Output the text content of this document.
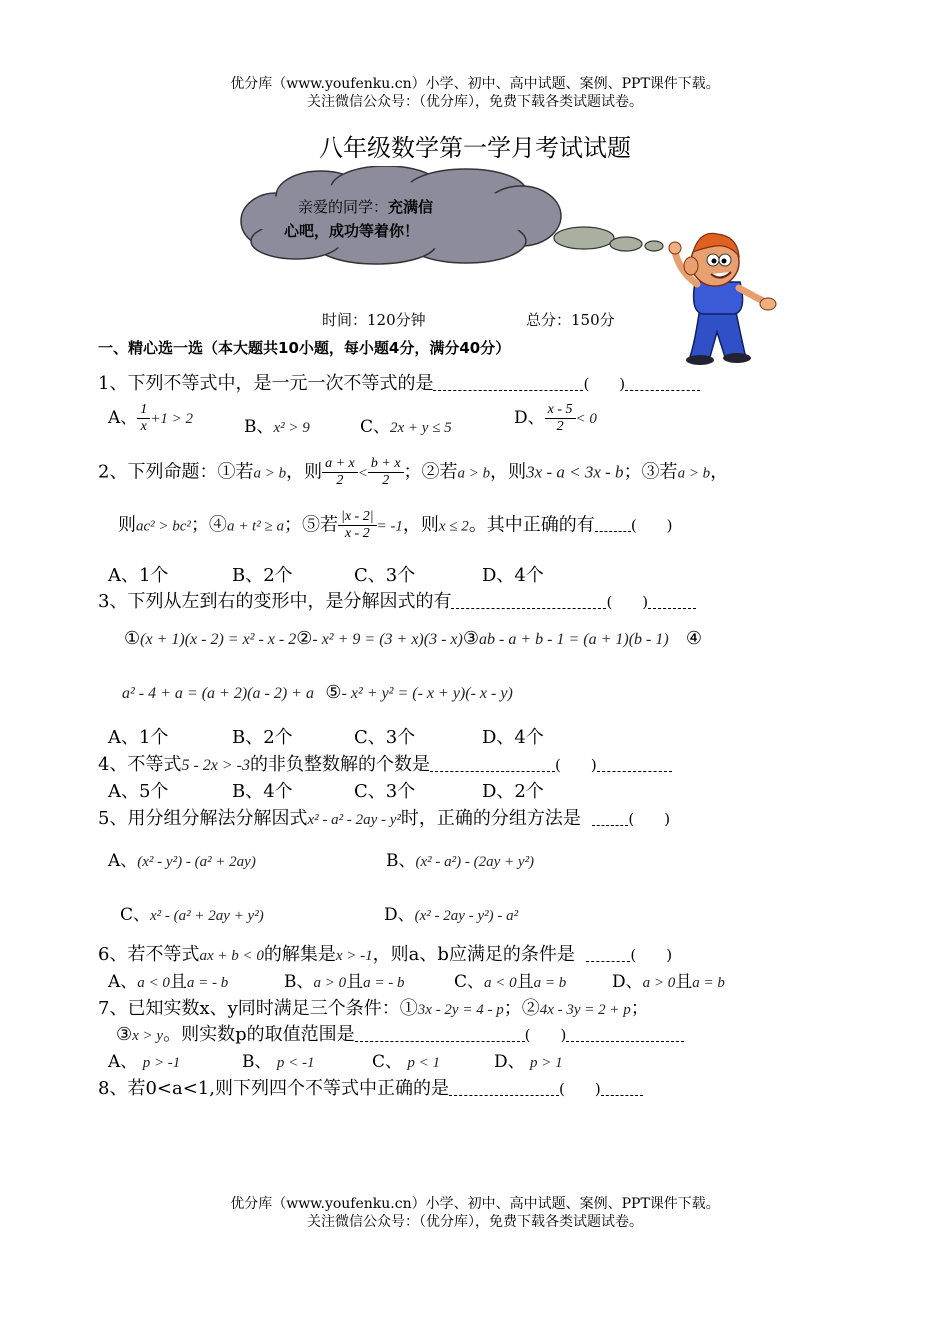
优分库（www.youfenku.cn）小学、初中、高中试题、案例、PPT课件下载。
关注微信公众号：（优分库），免费下载各类试题试卷。
八年级数学第一学月考试试题
亲爱的同学：充满信
心吧，成功等着你！
时间：120分钟	总分：150分
一、精心选一选（本大题共10小题，每小题4分，满分40分）
1、下列不等式中，是一元一次不等式的是	(　　)
A、 $\frac{1}{x} +1 > 2$	B、x² > 9	C、2x + y ≤ 5	D、 $\frac{x - 5}{2} < 0$
2、下列命题：①若a > b，则 $\frac{a + x}{2} < \frac{b + x}{2}$ ；②若a > b，则3x - a < 3x - b；③若a > b，
则ac² > bc²；④a + t² ≥ a；⑤若 $\frac{|x - 2|}{x - 2} = -1$，则x ≤ 2。其中正确的有 (　　)
A、1个	B、2个	C、3个	D、4个
3、下列从左到右的变形中，是分解因式的有	(　　)
①(x + 1)(x - 2) = x² - x - 2②- x² + 9 = (3 + x)(3 - x)③ab - a + b - 1 = (a + 1)(b - 1) ④
a² - 4 + a = (a + 2)(a - 2) + a ⑤- x² + y² = (- x + y)(- x - y)
A、1个	B、2个	C、3个	D、4个
4、不等式5 - 2x > -3的非负整数解的个数是	(　　)
A、5个	B、4个	C、3个	D、2个
5、用分组分解法分解因式x² - a² - 2ay - y²时，正确的分组方法是	(　　)
A、(x² - y²) - (a² + 2ay)	B、(x² - a²) - (2ay + y²)
C、x² - (a² + 2ay + y²)	D、(x² - 2ay - y²) - a²
6、若不等式ax + b < 0的解集是x > -1，则a、b应满足的条件是	(　　)
A、a < 0且a = - b	B、a > 0且a = - b	C、a < 0且a = b	D、a > 0且a = b
7、已知实数x、y同时满足三个条件：①3x - 2y = 4 - p；②4x - 3y = 2 + p；
③x > y。则实数p的取值范围是	(　　)
A、 p > -1	B、 p < -1	C、 p < 1	D、 p > 1
8、若0<a<1,则下列四个不等式中正确的是	(　　)
优分库（www.youfenku.cn）小学、初中、高中试题、案例、PPT课件下载。
关注微信公众号：（优分库），免费下载各类试题试卷。
